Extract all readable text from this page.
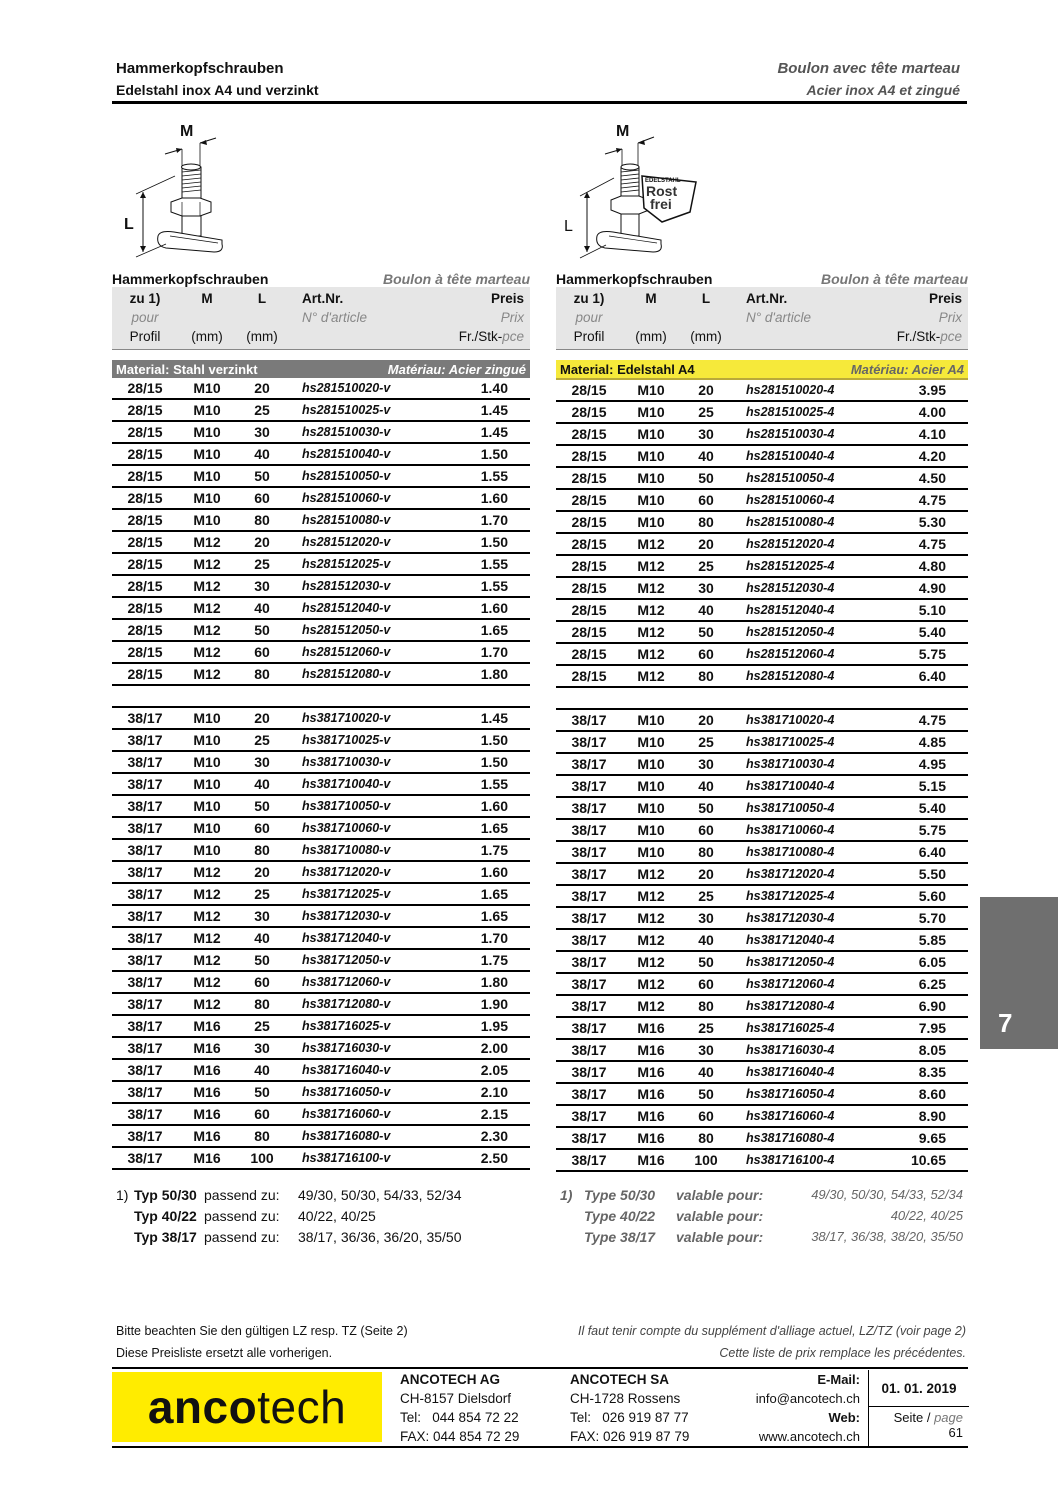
Hammerkopfschrauben
Edelstahl inox A4 und verzinkt
Boulon avec tête marteau
Acier inox A4 et zingué
M
L
M
EDELSTAHL
Rost
frei
L
Hammerkopfschrauben	Boulon à tête marteau
zu 1)	M	L	Art.Nr.	Preis
pour	N° d'article	Prix
Profil	(mm)	(mm)	Fr./Stk-pce
Material: Stahl verzinkt	Matériau: Acier zingué
28/15	M10	20	hs281510020-v	1.40
28/15	M10	25	hs281510025-v	1.45
28/15	M10	30	hs281510030-v	1.45
28/15	M10	40	hs281510040-v	1.50
28/15	M10	50	hs281510050-v	1.55
28/15	M10	60	hs281510060-v	1.60
28/15	M10	80	hs281510080-v	1.70
28/15	M12	20	hs281512020-v	1.50
28/15	M12	25	hs281512025-v	1.55
28/15	M12	30	hs281512030-v	1.55
28/15	M12	40	hs281512040-v	1.60
28/15	M12	50	hs281512050-v	1.65
28/15	M12	60	hs281512060-v	1.70
28/15	M12	80	hs281512080-v	1.80
38/17	M10	20	hs381710020-v	1.45
38/17	M10	25	hs381710025-v	1.50
38/17	M10	30	hs381710030-v	1.50
38/17	M10	40	hs381710040-v	1.55
38/17	M10	50	hs381710050-v	1.60
38/17	M10	60	hs381710060-v	1.65
38/17	M10	80	hs381710080-v	1.75
38/17	M12	20	hs381712020-v	1.60
38/17	M12	25	hs381712025-v	1.65
38/17	M12	30	hs381712030-v	1.65
38/17	M12	40	hs381712040-v	1.70
38/17	M12	50	hs381712050-v	1.75
38/17	M12	60	hs381712060-v	1.80
38/17	M12	80	hs381712080-v	1.90
38/17	M16	25	hs381716025-v	1.95
38/17	M16	30	hs381716030-v	2.00
38/17	M16	40	hs381716040-v	2.05
38/17	M16	50	hs381716050-v	2.10
38/17	M16	60	hs381716060-v	2.15
38/17	M16	80	hs381716080-v	2.30
38/17	M16	100	hs381716100-v	2.50
Hammerkopfschrauben	Boulon à tête marteau
zu 1)	M	L	Art.Nr.	Preis
pour	N° d'article	Prix
Profil	(mm)	(mm)	Fr./Stk-pce
Material: Edelstahl A4	Matériau: Acier A4
28/15	M10	20	hs281510020-4	3.95
28/15	M10	25	hs281510025-4	4.00
28/15	M10	30	hs281510030-4	4.10
28/15	M10	40	hs281510040-4	4.20
28/15	M10	50	hs281510050-4	4.50
28/15	M10	60	hs281510060-4	4.75
28/15	M10	80	hs281510080-4	5.30
28/15	M12	20	hs281512020-4	4.75
28/15	M12	25	hs281512025-4	4.80
28/15	M12	30	hs281512030-4	4.90
28/15	M12	40	hs281512040-4	5.10
28/15	M12	50	hs281512050-4	5.40
28/15	M12	60	hs281512060-4	5.75
28/15	M12	80	hs281512080-4	6.40
38/17	M10	20	hs381710020-4	4.75
38/17	M10	25	hs381710025-4	4.85
38/17	M10	30	hs381710030-4	4.95
38/17	M10	40	hs381710040-4	5.15
38/17	M10	50	hs381710050-4	5.40
38/17	M10	60	hs381710060-4	5.75
38/17	M10	80	hs381710080-4	6.40
38/17	M12	20	hs381712020-4	5.50
38/17	M12	25	hs381712025-4	5.60
38/17	M12	30	hs381712030-4	5.70
38/17	M12	40	hs381712040-4	5.85
38/17	M12	50	hs381712050-4	6.05
38/17	M12	60	hs381712060-4	6.25
38/17	M12	80	hs381712080-4	6.90
38/17	M16	25	hs381716025-4	7.95
38/17	M16	30	hs381716030-4	8.05
38/17	M16	40	hs381716040-4	8.35
38/17	M16	50	hs381716050-4	8.60
38/17	M16	60	hs381716060-4	8.90
38/17	M16	80	hs381716080-4	9.65
38/17	M16	100	hs381716100-4	10.65
1) Typ 50/30 passend zu:	49/30, 50/30, 54/33, 52/34
Typ 40/22 passend zu:	40/22, 40/25
Typ 38/17 passend zu:	38/17, 36/36, 36/20, 35/50
1) Type 50/30	valable pour:	49/30, 50/30, 54/33, 52/34
Type 40/22	valable pour:	40/22, 40/25
Type 38/17	valable pour:	38/17, 36/38, 38/20, 35/50
Bitte beachten Sie den gültigen LZ resp. TZ (Seite 2)
Diese Preisliste ersetzt alle vorherigen.
Il faut tenir compte du supplément d'alliage actuel, LZ/TZ (voir page 2)
Cette liste de prix remplace les précédentes.
anco tech
ANCOTECH AG
CH-8157 Dielsdorf
Tel: 044 854 72 22
FAX: 044 854 72 29
ANCOTECH SA
CH-1728 Rossens
Tel: 026 919 87 77
FAX: 026 919 87 79
E-Mail:
info@ancotech.ch
Web:
www.ancotech.ch
01. 01. 2019
Seite / page
61
7
